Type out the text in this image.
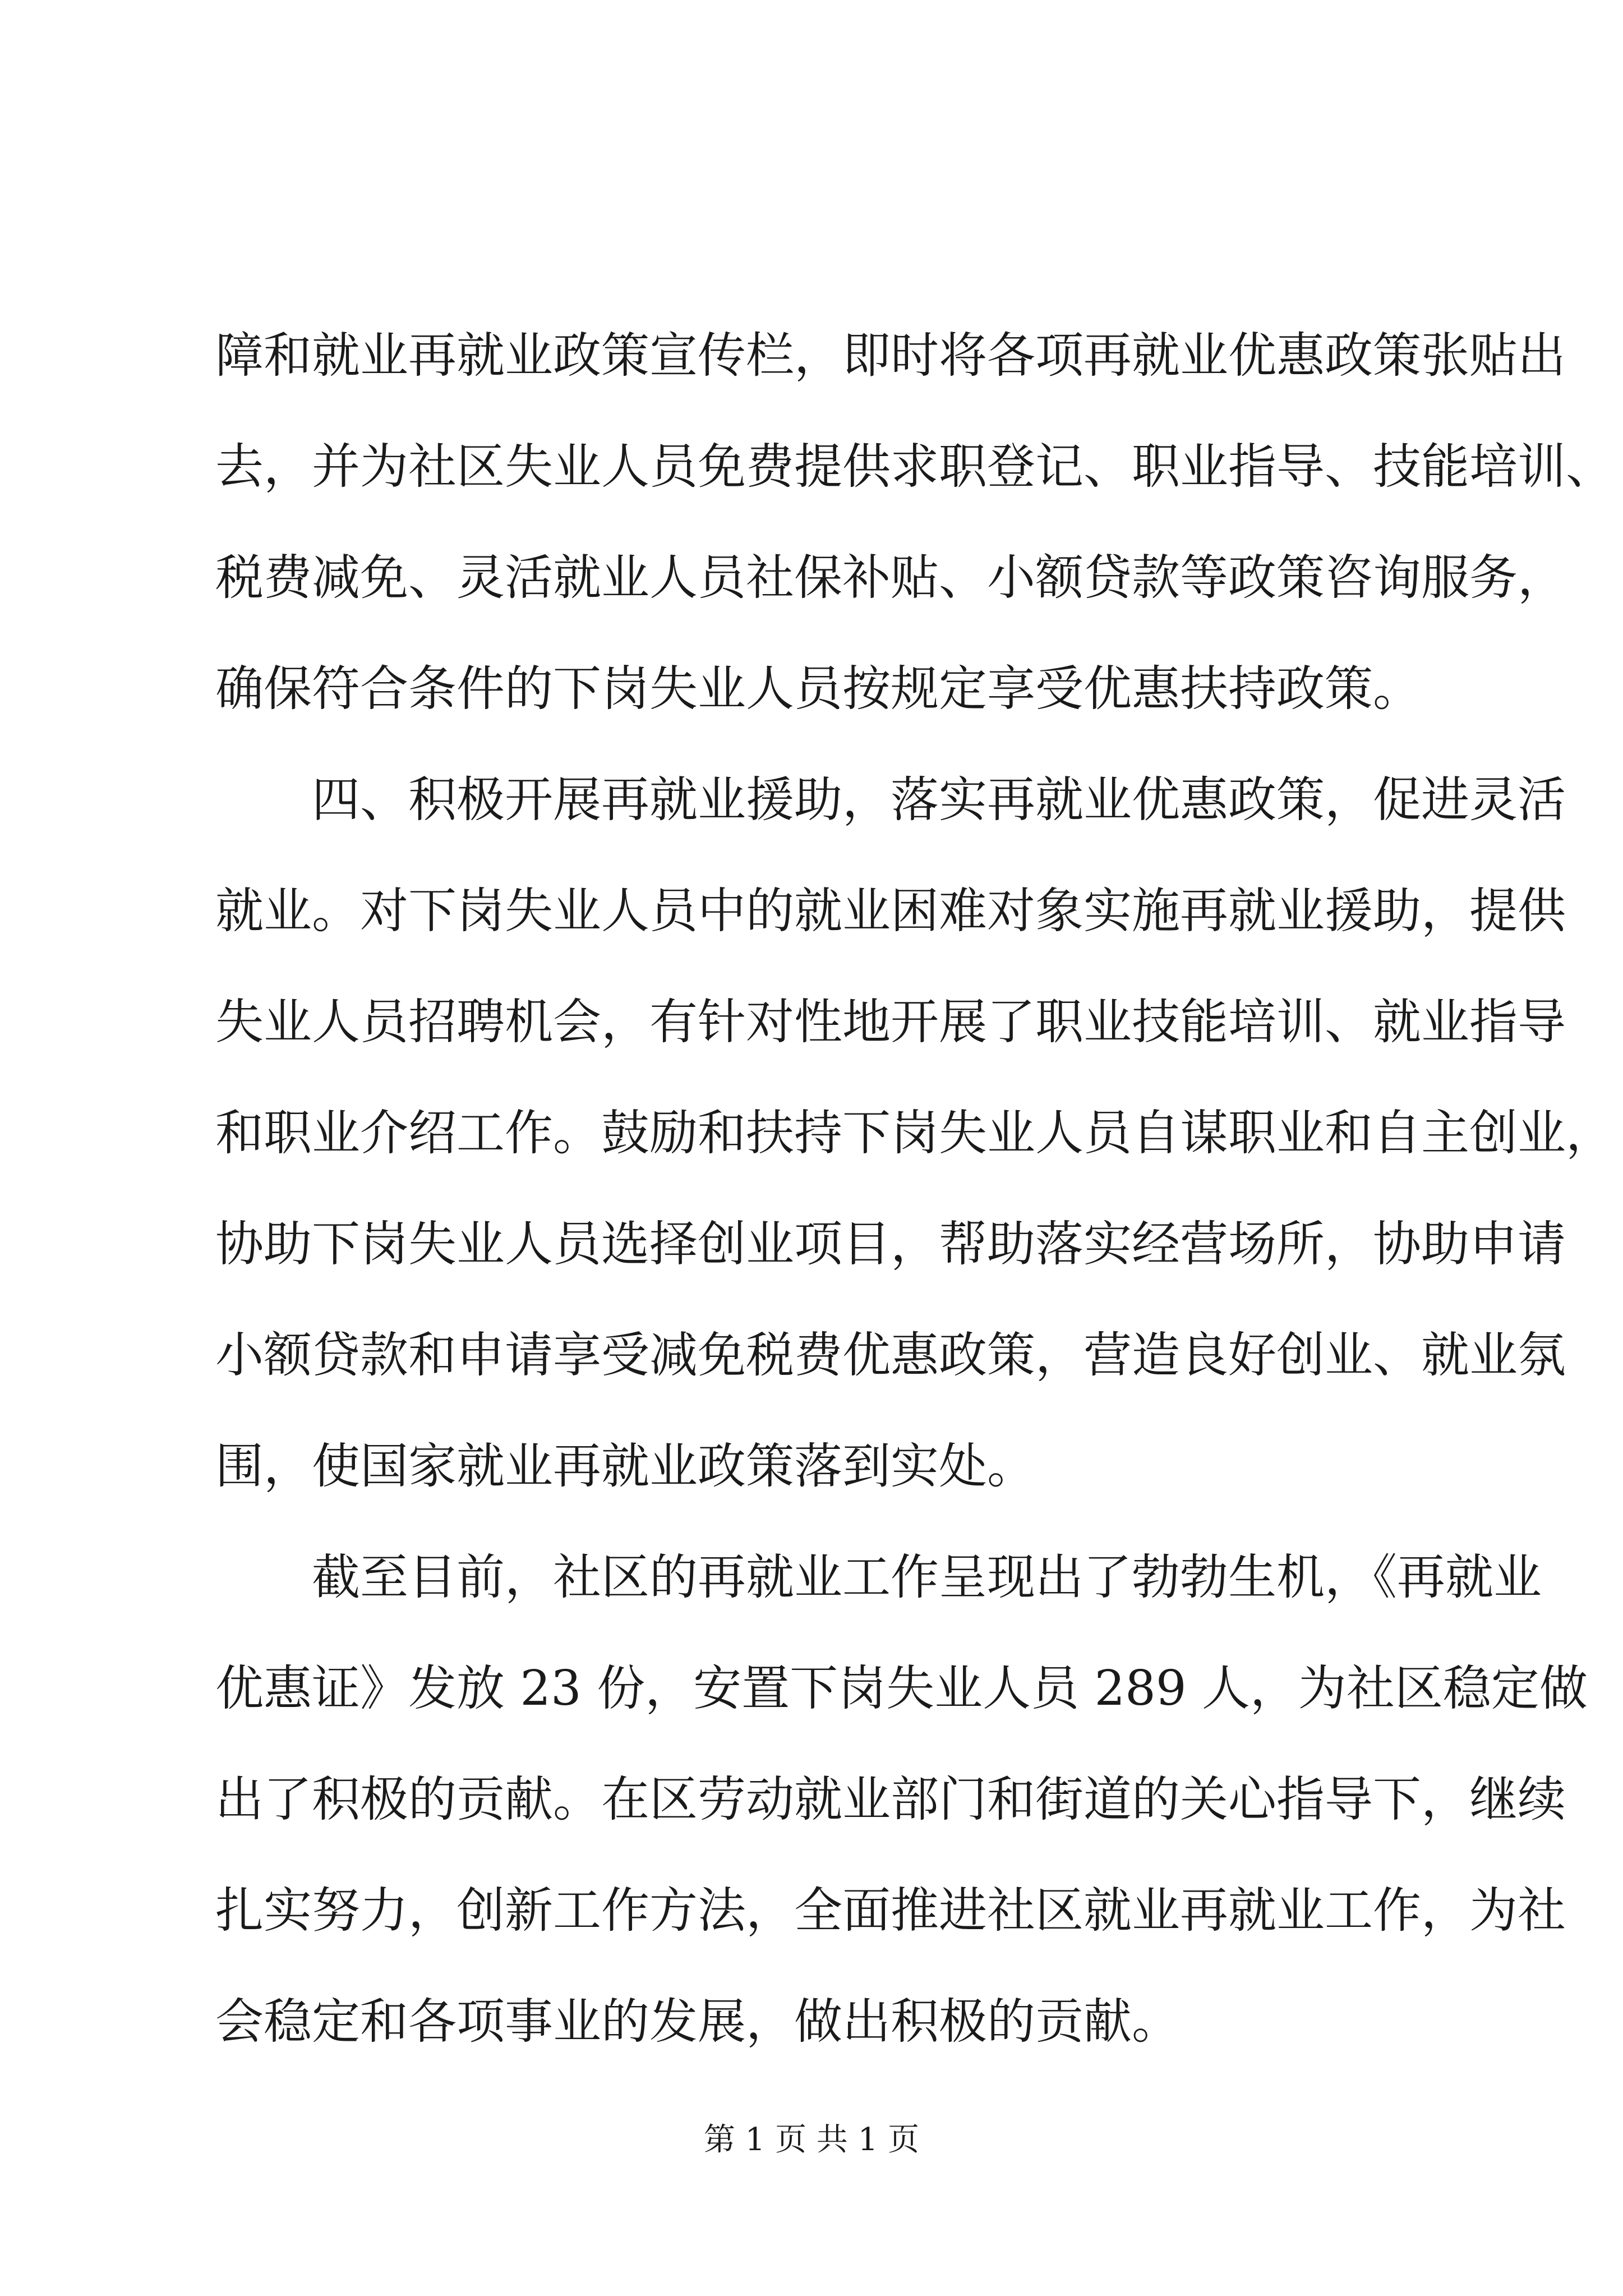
障和就业再就业政策宣传栏，即时将各项再就业优惠政策张贴出
去，并为社区失业人员免费提供求职登记、职业指导、技能培训、
税费减免、灵活就业人员社保补贴、小额贷款等政策咨询服务，
确保符合条件的下岗失业人员按规定享受优惠扶持政策。
　　四、积极开展再就业援助，落实再就业优惠政策，促进灵活
就业。对下岗失业人员中的就业困难对象实施再就业援助，提供
失业人员招聘机会，有针对性地开展了职业技能培训、就业指导
和职业介绍工作。鼓励和扶持下岗失业人员自谋职业和自主创业，
协助下岗失业人员选择创业项目，帮助落实经营场所，协助申请
小额贷款和申请享受减免税费优惠政策，营造良好创业、就业氛
围，使国家就业再就业政策落到实处。
　　截至目前，社区的再就业工作呈现出了勃勃生机，《再就业
优惠证》发放 23 份，安置下岗失业人员 289 人，为社区稳定做
出了积极的贡献。在区劳动就业部门和街道的关心指导下，继续
扎实努力，创新工作方法，全面推进社区就业再就业工作，为社
会稳定和各项事业的发展，做出积极的贡献。
第 1 页 共 1 页
